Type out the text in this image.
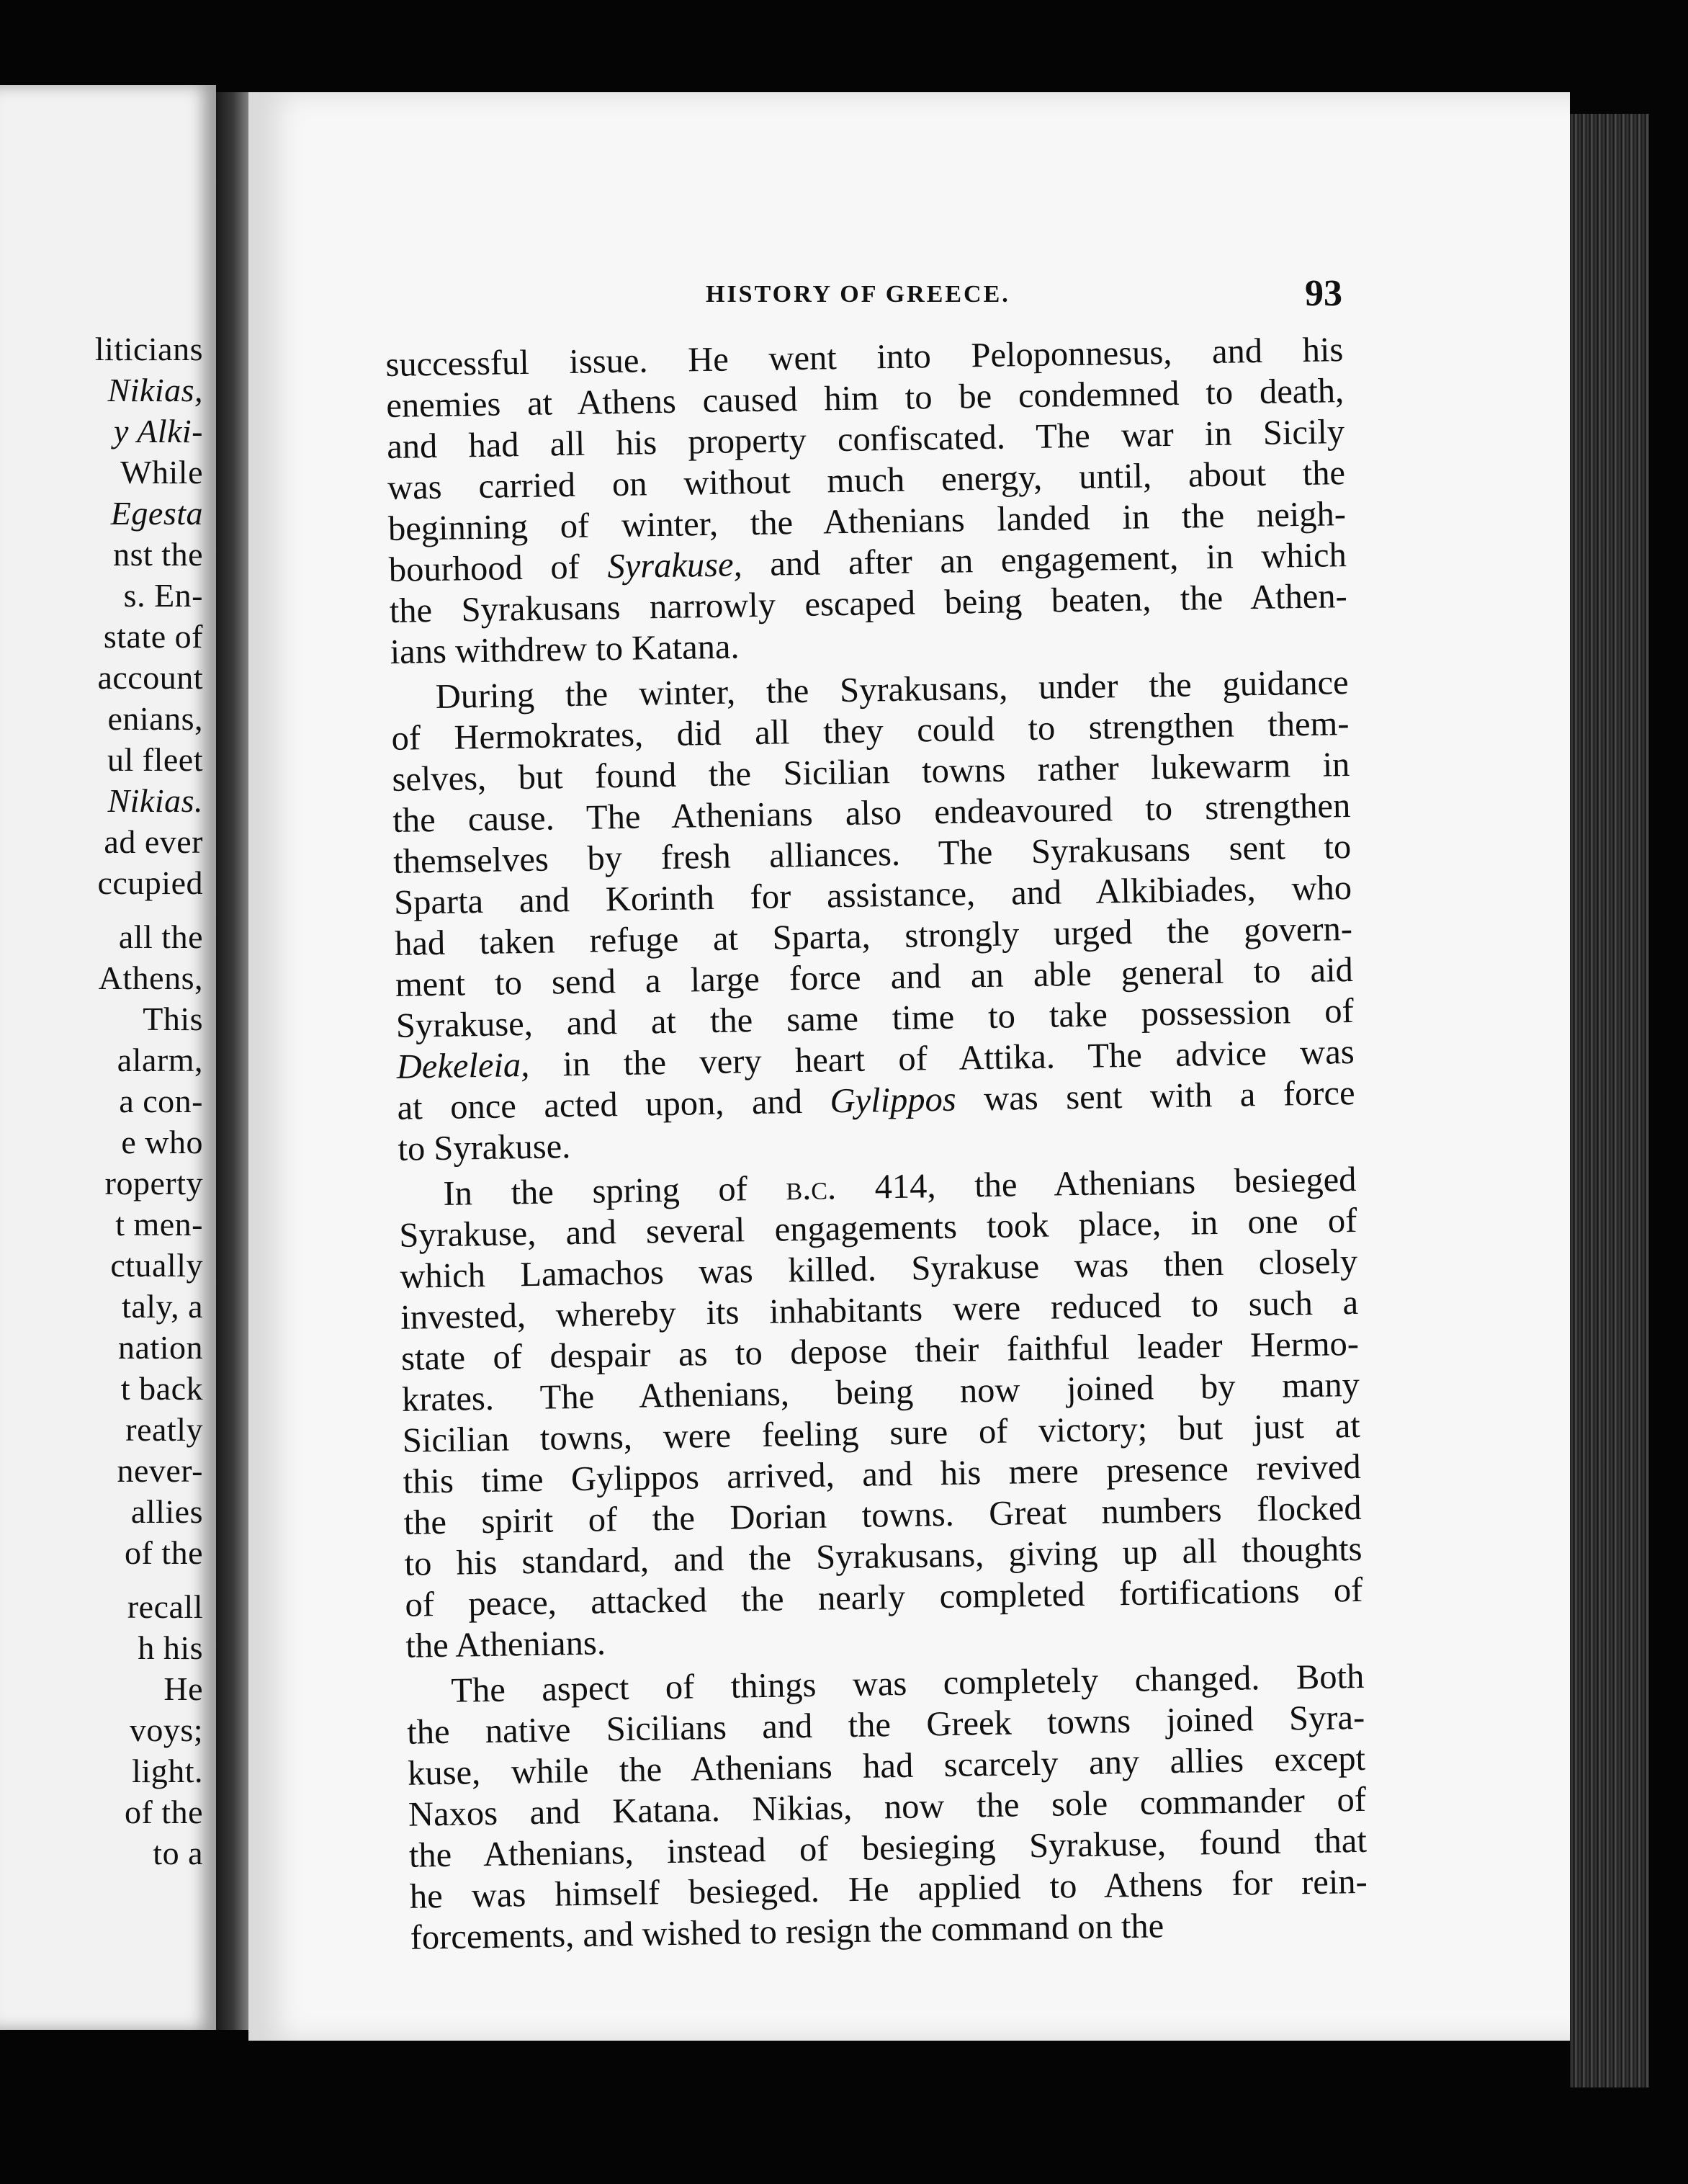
liticians
Nikias,
y Alki-
While
Egesta
nst the
s. En-
state of
account
enians,
ul fleet
Nikias.
ad ever
ccupied
all the
Athens,
This
alarm,
a con-
e who
roperty
t men-
ctually
taly, a
nation
t back
reatly
never-
allies
of the
recall
h his
He
voys;
light.
of the
to a
HISTORY OF GREECE.	93
successful issue. He went into Peloponnesus, and his
enemies at Athens caused him to be condemned to death,
and had all his property confiscated. The war in Sicily
was carried on without much energy, until, about the
beginning of winter, the Athenians landed in the neigh-
bourhood of Syrakuse, and after an engagement, in which
the Syrakusans narrowly escaped being beaten, the Athen-
ians withdrew to Katana.
During the winter, the Syrakusans, under the guidance
of Hermokrates, did all they could to strengthen them-
selves, but found the Sicilian towns rather lukewarm in
the cause. The Athenians also endeavoured to strengthen
themselves by fresh alliances. The Syrakusans sent to
Sparta and Korinth for assistance, and Alkibiades, who
had taken refuge at Sparta, strongly urged the govern-
ment to send a large force and an able general to aid
Syrakuse, and at the same time to take possession of
Dekeleia, in the very heart of Attika. The advice was
at once acted upon, and Gylippos was sent with a force
to Syrakuse.
In the spring of b.c. 414, the Athenians besieged
Syrakuse, and several engagements took place, in one of
which Lamachos was killed. Syrakuse was then closely
invested, whereby its inhabitants were reduced to such a
state of despair as to depose their faithful leader Hermo-
krates. The Athenians, being now joined by many
Sicilian towns, were feeling sure of victory; but just at
this time Gylippos arrived, and his mere presence revived
the spirit of the Dorian towns. Great numbers flocked
to his standard, and the Syrakusans, giving up all thoughts
of peace, attacked the nearly completed fortifications of
the Athenians.
The aspect of things was completely changed. Both
the native Sicilians and the Greek towns joined Syra-
kuse, while the Athenians had scarcely any allies except
Naxos and Katana. Nikias, now the sole commander of
the Athenians, instead of besieging Syrakuse, found that
he was himself besieged. He applied to Athens for rein-
forcements, and wished to resign the command on the
